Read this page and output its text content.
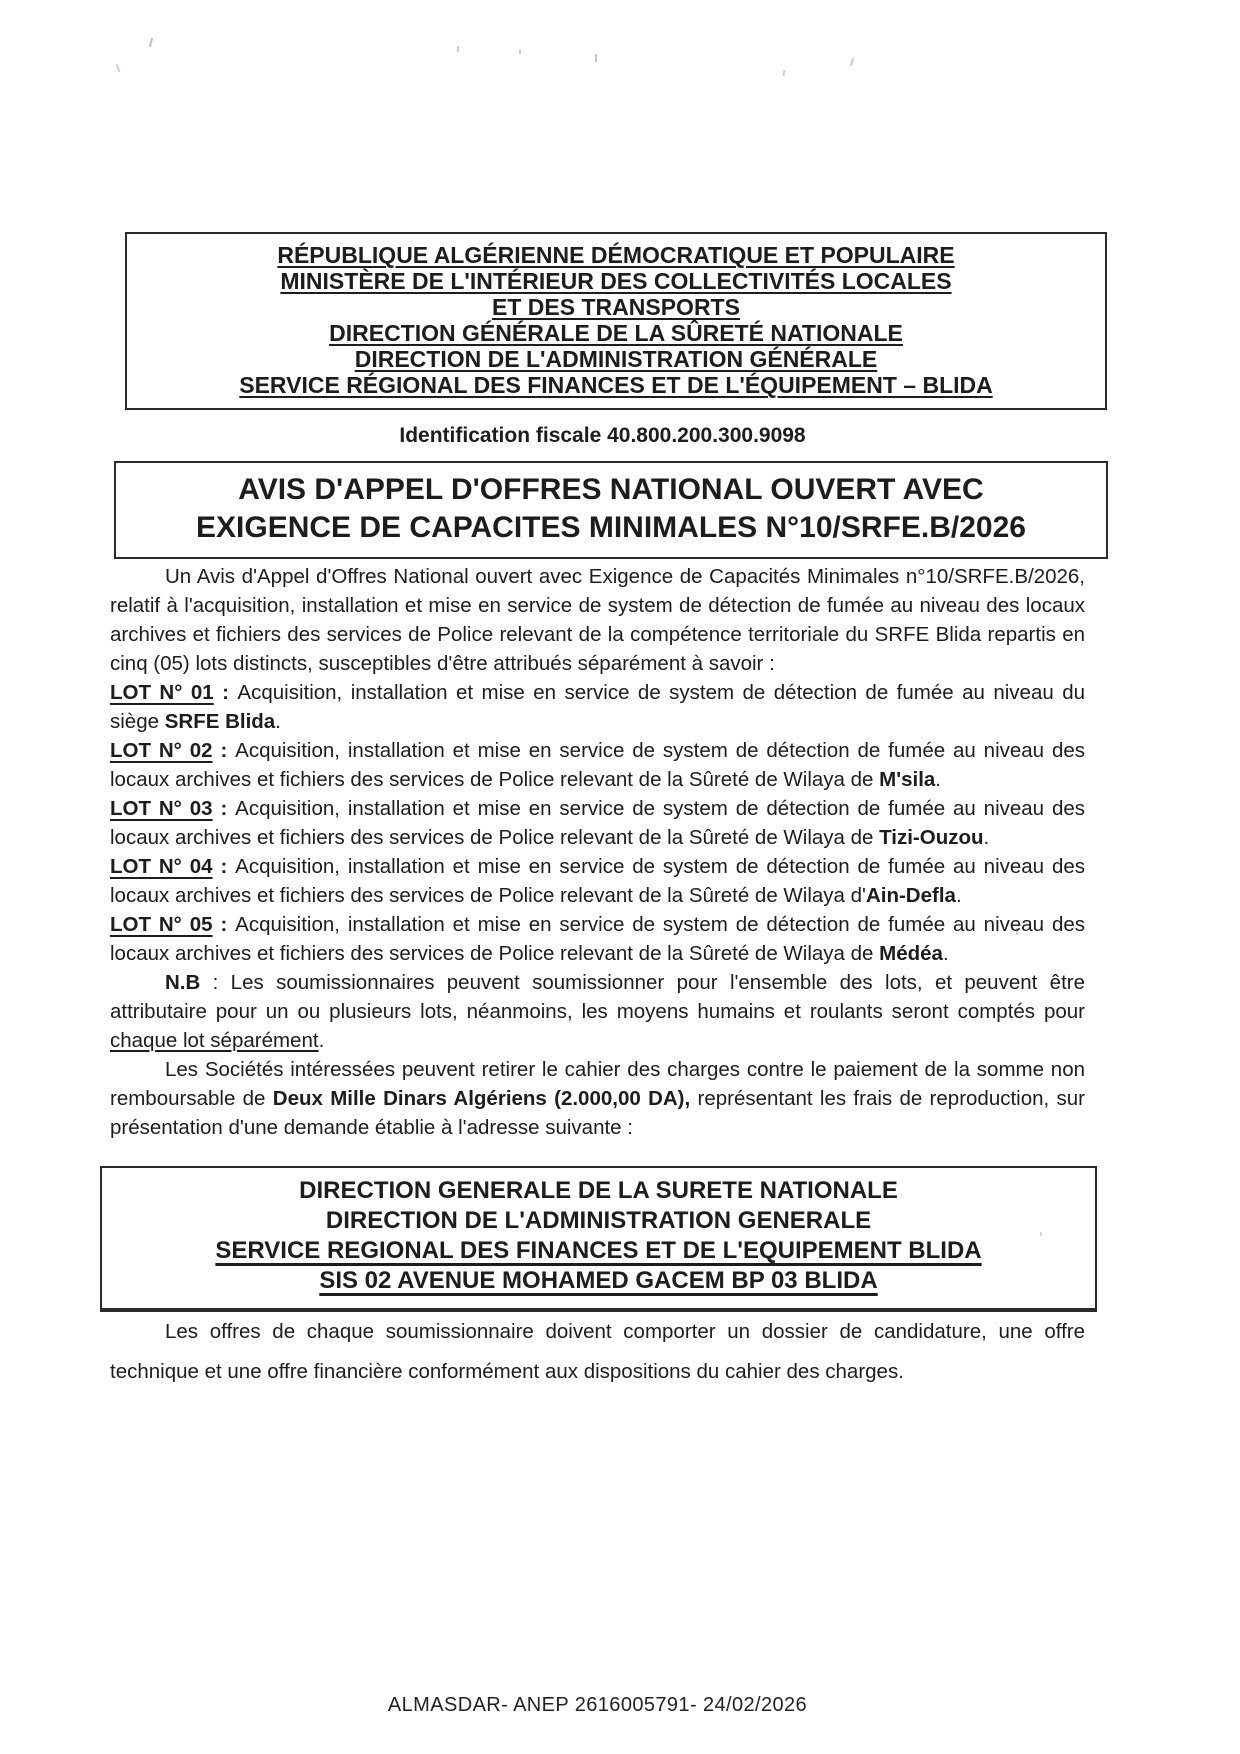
RÉPUBLIQUE ALGÉRIENNE DÉMOCRATIQUE ET POPULAIRE
MINISTÈRE DE L'INTÉRIEUR DES COLLECTIVITÉS LOCALES
ET DES TRANSPORTS
DIRECTION GÉNÉRALE DE LA SÛRETÉ NATIONALE
DIRECTION DE L'ADMINISTRATION GÉNÉRALE
SERVICE RÉGIONAL DES FINANCES ET DE L'ÉQUIPEMENT – BLIDA
Identification fiscale 40.800.200.300.9098
AVIS D'APPEL D'OFFRES NATIONAL OUVERT AVEC
EXIGENCE DE CAPACITES MINIMALES N°10/SRFE.B/2026

Un Avis d'Appel d'Offres National ouvert avec Exigence de Capacités Minimales n°10/SRFE.B/2026, relatif à l'acquisition, installation et mise en service de system de détection de fumée au niveau des locaux archives et fichiers des services de Police relevant de la compétence territoriale du SRFE Blida repartis en cinq (05) lots distincts, susceptibles d'être attribués séparément à savoir :

LOT N° 01 : Acquisition, installation et mise en service de system de détection de fumée au niveau du siège SRFE Blida.

LOT N° 02 : Acquisition, installation et mise en service de system de détection de fumée au niveau des locaux archives et fichiers des services de Police relevant de la Sûreté de Wilaya de M'sila.

LOT N° 03 : Acquisition, installation et mise en service de system de détection de fumée au niveau des locaux archives et fichiers des services de Police relevant de la Sûreté de Wilaya de Tizi-Ouzou.

LOT N° 04 : Acquisition, installation et mise en service de system de détection de fumée au niveau des locaux archives et fichiers des services de Police relevant de la Sûreté de Wilaya d'Ain-Defla.

LOT N° 05 : Acquisition, installation et mise en service de system de détection de fumée au niveau des locaux archives et fichiers des services de Police relevant de la Sûreté de Wilaya de Médéa.

N.B : Les soumissionnaires peuvent soumissionner pour l'ensemble des lots, et peuvent être attributaire pour un ou plusieurs lots, néanmoins, les moyens humains et roulants seront comptés pour chaque lot séparément.

Les Sociétés intéressées peuvent retirer le cahier des charges contre le paiement de la somme non remboursable de Deux Mille Dinars Algériens (2.000,00 DA), représentant les frais de reproduction, sur présentation d'une demande établie à l'adresse suivante :

DIRECTION GENERALE DE LA SURETE NATIONALE
DIRECTION DE L'ADMINISTRATION GENERALE
SERVICE REGIONAL DES FINANCES ET DE L'EQUIPEMENT BLIDA
SIS 02 AVENUE MOHAMED GACEM BP 03 BLIDA

Les offres de chaque soumissionnaire doivent comporter un dossier de candidature, une offre technique et une offre financière conformément aux dispositions du cahier des charges.

ALMASDAR- ANEP 2616005791- 24/02/2026
